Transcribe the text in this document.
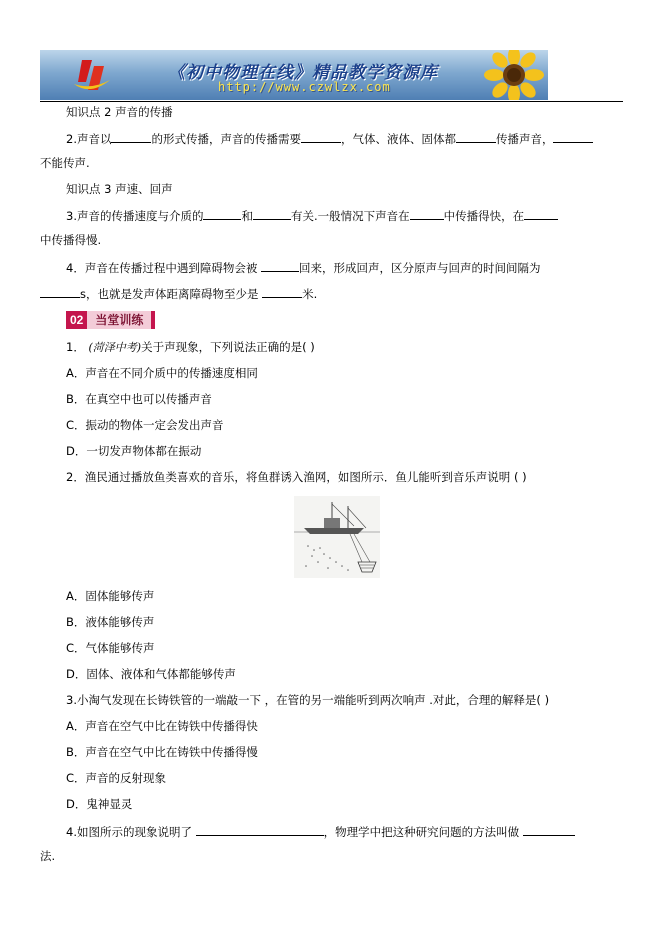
《初中物理在线》精品教学资源库
http://www.czwlzx.com
知识点 2 声音的传播
2.声音以	的形式传播，声音的传播需要	，气体、液体、固体都	传播声音，
不能传声.
知识点 3 声速、回声
3.声音的传播速度与介质的	和	有关.一般情况下声音在	中传播得快，在
中传播得慢.
4．声音在传播过程中遇到障碍物会被	回来，形成回声，区分原声与回声的时间间隔为
s，也就是发声体距离障碍物至少是	米.
02	当堂训练
1． (菏泽中考)关于声现象，下列说法正确的是( )
A．声音在不同介质中的传播速度相同
B．在真空中也可以传播声音
C．振动的物体一定会发出声音
D．一切发声物体都在振动
2．渔民通过播放鱼类喜欢的音乐，将鱼群诱入渔网，如图所示．鱼儿能听到音乐声说明 ( )
A．固体能够传声
B．液体能够传声
C．气体能够传声
D．固体、液体和气体都能够传声
3.小淘气发现在长铸铁管的一端敲一下 ，在管的另一端能听到两次响声 .对此，合理的解释是( )
A．声音在空气中比在铸铁中传播得快
B．声音在空气中比在铸铁中传播得慢
C．声音的反射现象
D．鬼神显灵
4.如图所示的现象说明了	，物理学中把这种研究问题的方法叫做
法.
